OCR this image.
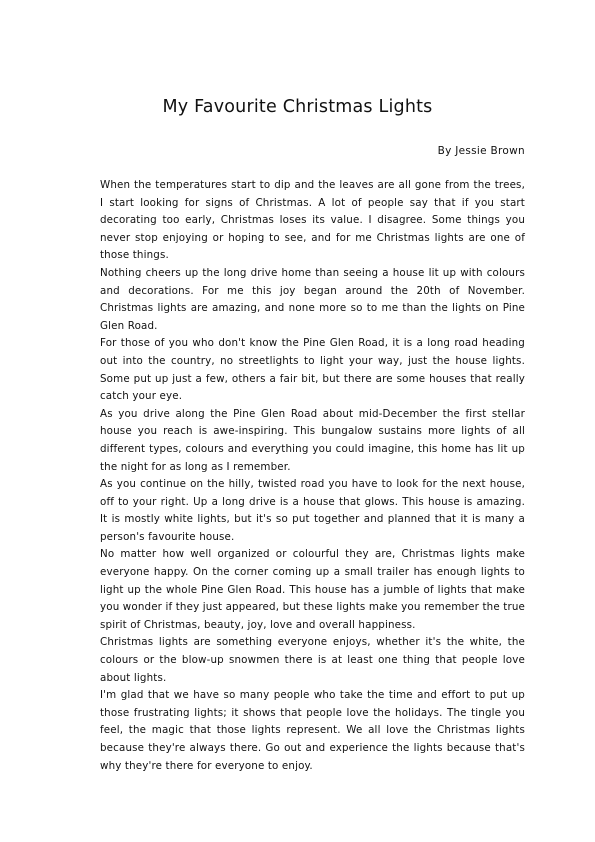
My Favourite Christmas Lights
By Jessie Brown

When the temperatures start to dip and the leaves are all gone from the trees, I start looking for signs of Christmas. A lot of people say that if you start decorating too early, Christmas loses its value. I disagree. Some things you never stop enjoying or hoping to see, and for me Christmas lights are one of those things.

Nothing cheers up the long drive home than seeing a house lit up with colours and decorations. For me this joy began around the 20th of November. Christmas lights are amazing, and none more so to me than the lights on Pine Glen Road.

For those of you who don't know the Pine Glen Road, it is a long road heading out into the country, no streetlights to light your way, just the house lights. Some put up just a few, others a fair bit, but there are some houses that really catch your eye.

As you drive along the Pine Glen Road about mid-December the first stellar house you reach is awe-inspiring. This bungalow sustains more lights of all different types, colours and everything you could imagine, this home has lit up the night for as long as I remember.

As you continue on the hilly, twisted road you have to look for the next house, off to your right. Up a long drive is a house that glows. This house is amazing. It is mostly white lights, but it's so put together and planned that it is many a person's favourite house.

No matter how well organized or colourful they are, Christmas lights make everyone happy. On the corner coming up a small trailer has enough lights to light up the whole Pine Glen Road. This house has a jumble of lights that make you wonder if they just appeared, but these lights make you remember the true spirit of Christmas, beauty, joy, love and overall happiness.

Christmas lights are something everyone enjoys, whether it's the white, the colours or the blow-up snowmen there is at least one thing that people love about lights.

I'm glad that we have so many people who take the time and effort to put up those frustrating lights; it shows that people love the holidays. The tingle you feel, the magic that those lights represent. We all love the Christmas lights because they're always there. Go out and experience the lights because that's why they're there for everyone to enjoy.
